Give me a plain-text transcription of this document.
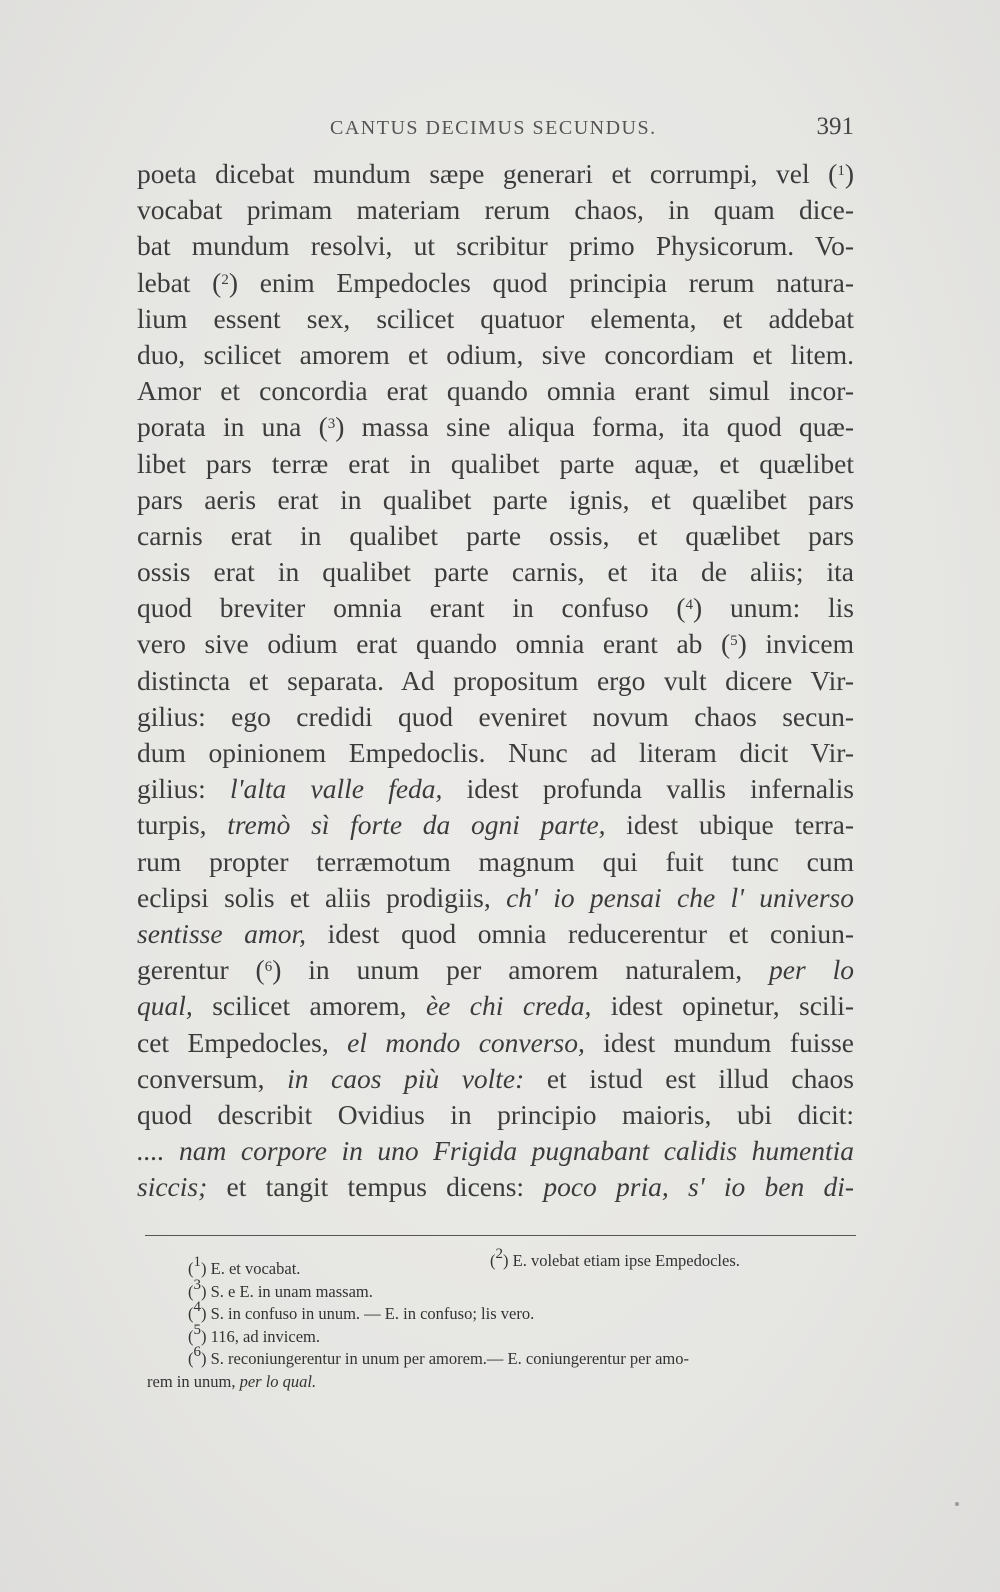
CANTUS DECIMUS SECUNDUS.	391
poeta dicebat mundum sæpe generari et corrumpi, vel ($^1$)
vocabat primam materiam rerum chaos, in quam dice-
bat mundum resolvi, ut scribitur primo Physicorum. Vo-
lebat ($^2$) enim Empedocles quod principia rerum natura-
lium essent sex, scilicet quatuor elementa, et addebat
duo, scilicet amorem et odium, sive concordiam et litem.
Amor et concordia erat quando omnia erant simul incor-
porata in una ($^3$) massa sine aliqua forma, ita quod quæ-
libet pars terræ erat in qualibet parte aquæ, et quælibet
pars aeris erat in qualibet parte ignis, et quælibet pars
carnis erat in qualibet parte ossis, et quælibet pars
ossis erat in qualibet parte carnis, et ita de aliis; ita
quod breviter omnia erant in confuso ($^4$) unum: lis
vero sive odium erat quando omnia erant ab ($^5$) invicem
distincta et separata. Ad propositum ergo vult dicere Vir-
gilius: ego credidi quod eveniret novum chaos secun-
dum opinionem Empedoclis. Nunc ad literam dicit Vir-
gilius: l'alta valle feda, idest profunda vallis infernalis
turpis, tremò sì forte da ogni parte, idest ubique terra-
rum propter terræmotum magnum qui fuit tunc cum
eclipsi solis et aliis prodigiis, ch' io pensai che l' universo
sentisse amor, idest quod omnia reducerentur et coniun-
gerentur ($^6$) in unum per amorem naturalem, per lo
qual, scilicet amorem, èe chi creda, idest opinetur, scili-
cet Empedocles, el mondo converso, idest mundum fuisse
conversum, in caos più volte: et istud est illud chaos
quod describit Ovidius in principio maioris, ubi dicit:
.... nam corpore in uno Frigida pugnabant calidis humentia
siccis; et tangit tempus dicens: poco pria, s' io ben di-
($^1$) E. et vocabat.	($^2$) E. volebat etiam ipse Empedocles.
($^3$) S. e E. in unam massam.
($^4$) S. in confuso in unum. — E. in confuso; lis vero.
($^5$) 116, ad invicem.
($^6$) S. reconiungerentur in unum per amorem.— E. coniungerentur per amo-
rem in unum, per lo qual.
